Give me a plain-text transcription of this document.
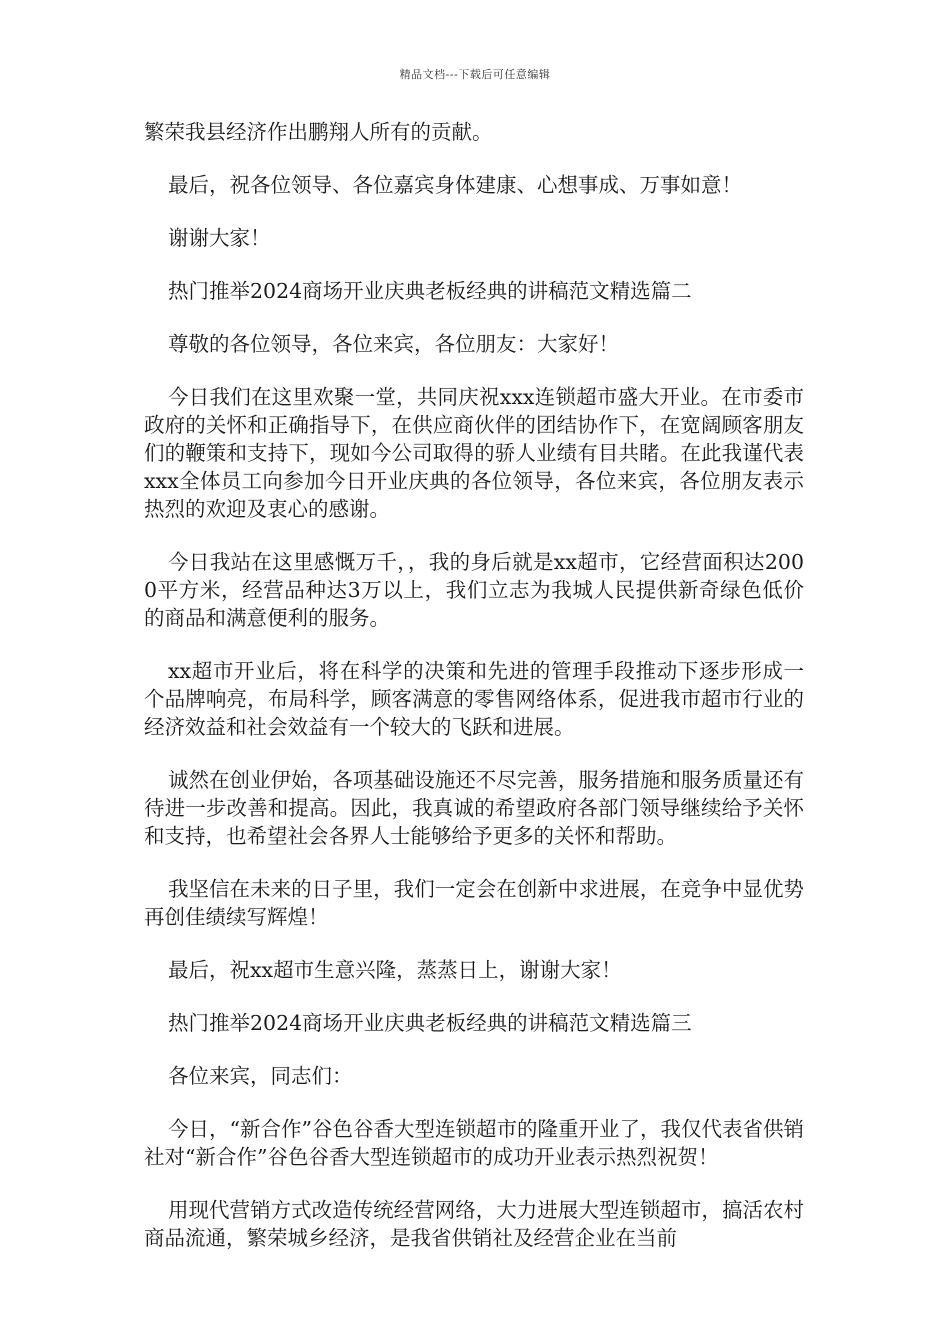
精品文档---下载后可任意编辑

繁荣我县经济作出鹏翔人所有的贡献。

最后，祝各位领导、各位嘉宾身体建康、心想事成、万事如意！

谢谢大家！

热门推举2024商场开业庆典老板经典的讲稿范文精选篇二

尊敬的各位领导，各位来宾，各位朋友：大家好！

今日我们在这里欢聚一堂，共同庆祝xxx连锁超市盛大开业。在市委市政府的关怀和正确指导下，在供应商伙伴的团结协作下，在宽阔顾客朋友们的鞭策和支持下，现如今公司取得的骄人业绩有目共睹。在此我谨代表xxx全体员工向参加今日开业庆典的各位领导，各位来宾，各位朋友表示热烈的欢迎及衷心的感谢。

今日我站在这里感慨万千，，我的身后就是xx超市，它经营面积达2000平方米，经营品种达3万以上，我们立志为我城人民提供新奇绿色低价的商品和满意便利的服务。

xx超市开业后，将在科学的决策和先进的管理手段推动下逐步形成一个品牌响亮，布局科学，顾客满意的零售网络体系，促进我市超市行业的经济效益和社会效益有一个较大的飞跃和进展。

诚然在创业伊始，各项基础设施还不尽完善，服务措施和服务质量还有待进一步改善和提高。因此，我真诚的希望政府各部门领导继续给予关怀和支持，也希望社会各界人士能够给予更多的关怀和帮助。

我坚信在未来的日子里，我们一定会在创新中求进展，在竞争中显优势再创佳绩续写辉煌！

最后，祝xx超市生意兴隆，蒸蒸日上，谢谢大家！

热门推举2024商场开业庆典老板经典的讲稿范文精选篇三

各位来宾，同志们：

今日，“新合作”谷色谷香大型连锁超市的隆重开业了，我仅代表省供销社对“新合作”谷色谷香大型连锁超市的成功开业表示热烈祝贺！

用现代营销方式改造传统经营网络，大力进展大型连锁超市，搞活农村商品流通，繁荣城乡经济，是我省供销社及经营企业在当前
